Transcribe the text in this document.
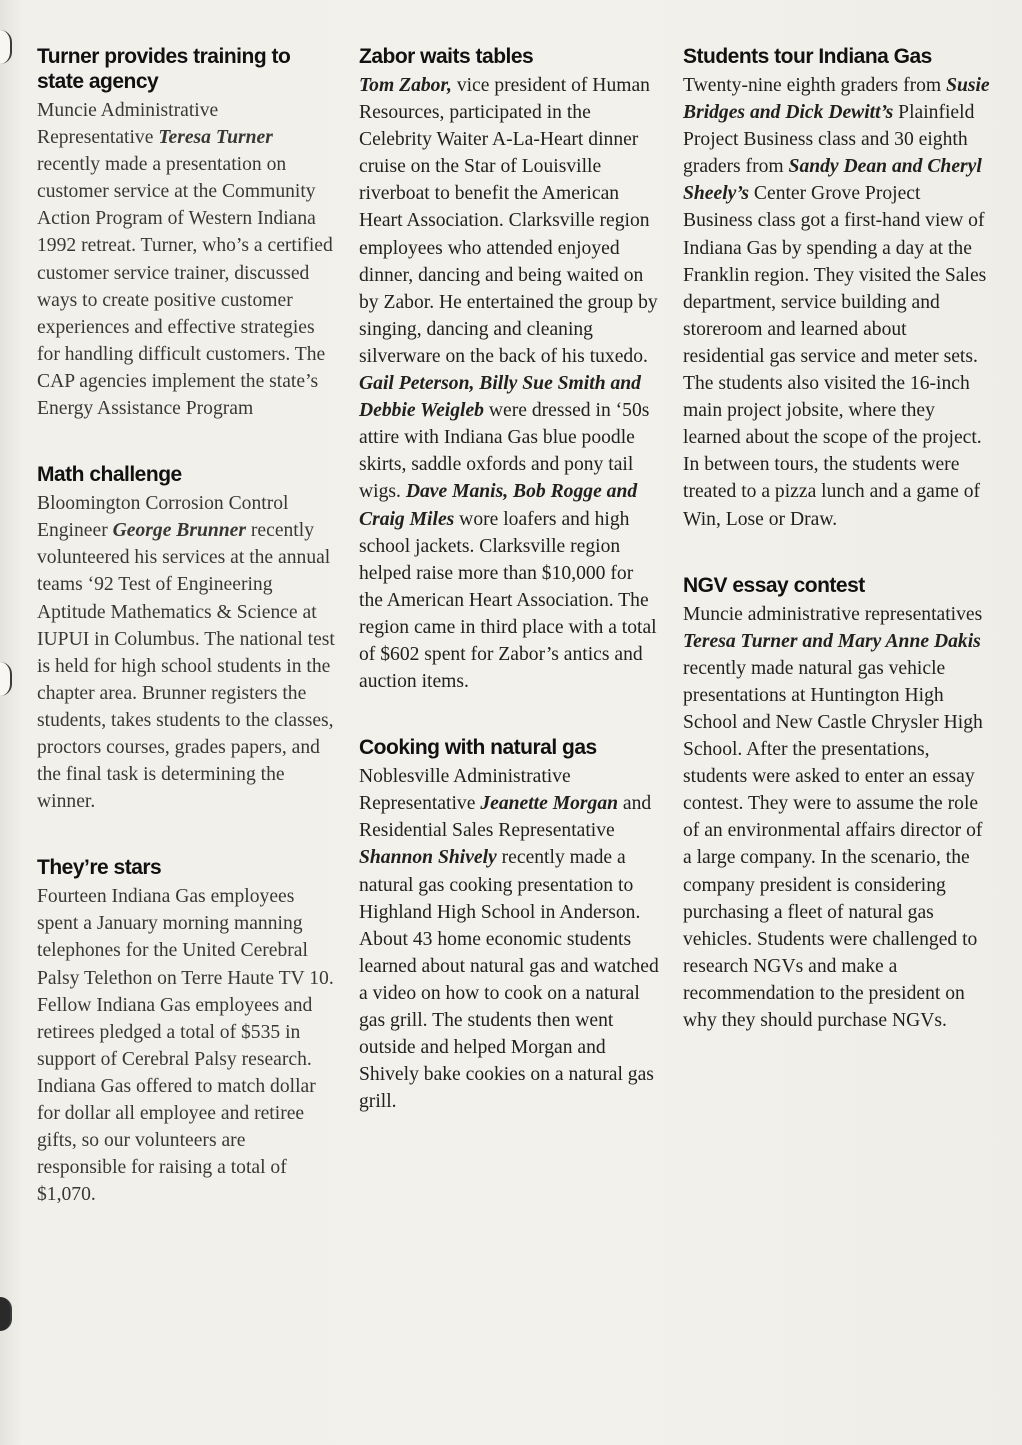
Turner provides training to state agency

Muncie Administrative Representative Teresa Turner recently made a presentation on customer service at the Community Action Program of Western Indiana 1992 retreat. Turner, who’s a certified customer service trainer, discussed ways to create positive customer experiences and effective strategies for handling difficult customers. The CAP agencies implement the state’s Energy Assistance Program

Math challenge

Bloomington Corrosion Control Engineer George Brunner recently volunteered his services at the annual teams ‘92 Test of Engineering Aptitude Mathematics & Science at IUPUI in Columbus. The national test is held for high school students in the chapter area. Brunner registers the students, takes students to the classes, proctors courses, grades papers, and the final task is determining the winner.

They’re stars

Fourteen Indiana Gas employees spent a January morning manning telephones for the United Cerebral Palsy Telethon on Terre Haute TV 10. Fellow Indiana Gas employees and retirees pledged a total of $535 in support of Cerebral Palsy research. Indiana Gas offered to match dollar for dollar all employee and retiree gifts, so our volunteers are responsible for raising a total of $1,070.

Zabor waits tables

Tom Zabor, vice president of Human Resources, participated in the Celebrity Waiter A-La-Heart dinner cruise on the Star of Louisville riverboat to benefit the American Heart Association. Clarksville region employees who attended enjoyed dinner, dancing and being waited on by Zabor. He entertained the group by singing, dancing and cleaning silverware on the back of his tuxedo. Gail Peterson, Billy Sue Smith and Debbie Weigleb were dressed in ‘50s attire with Indiana Gas blue poodle skirts, saddle oxfords and pony tail wigs. Dave Manis, Bob Rogge and Craig Miles wore loafers and high school jackets. Clarksville region helped raise more than $10,000 for the American Heart Association. The region came in third place with a total of $602 spent for Zabor’s antics and auction items.

Cooking with natural gas

Noblesville Administrative Representative Jeanette Morgan and Residential Sales Representative Shannon Shively recently made a natural gas cooking presentation to Highland High School in Anderson. About 43 home economic students learned about natural gas and watched a video on how to cook on a natural gas grill. The students then went outside and helped Morgan and Shively bake cookies on a natural gas grill.

Students tour Indiana Gas

Twenty-nine eighth graders from Susie Bridges and Dick Dewitt’s Plainfield Project Business class and 30 eighth graders from Sandy Dean and Cheryl Sheely’s Center Grove Project Business class got a first-hand view of Indiana Gas by spending a day at the Franklin region. They visited the Sales department, service building and storeroom and learned about residential gas service and meter sets. The students also visited the 16-inch main project jobsite, where they learned about the scope of the project. In between tours, the students were treated to a pizza lunch and a game of Win, Lose or Draw.

NGV essay contest

Muncie administrative representatives Teresa Turner and Mary Anne Dakis recently made natural gas vehicle presentations at Huntington High School and New Castle Chrysler High School. After the presentations, students were asked to enter an essay contest. They were to assume the role of an environmental affairs director of a large company. In the scenario, the company president is considering purchasing a fleet of natural gas vehicles. Students were challenged to research NGVs and make a recommendation to the president on why they should purchase NGVs.
